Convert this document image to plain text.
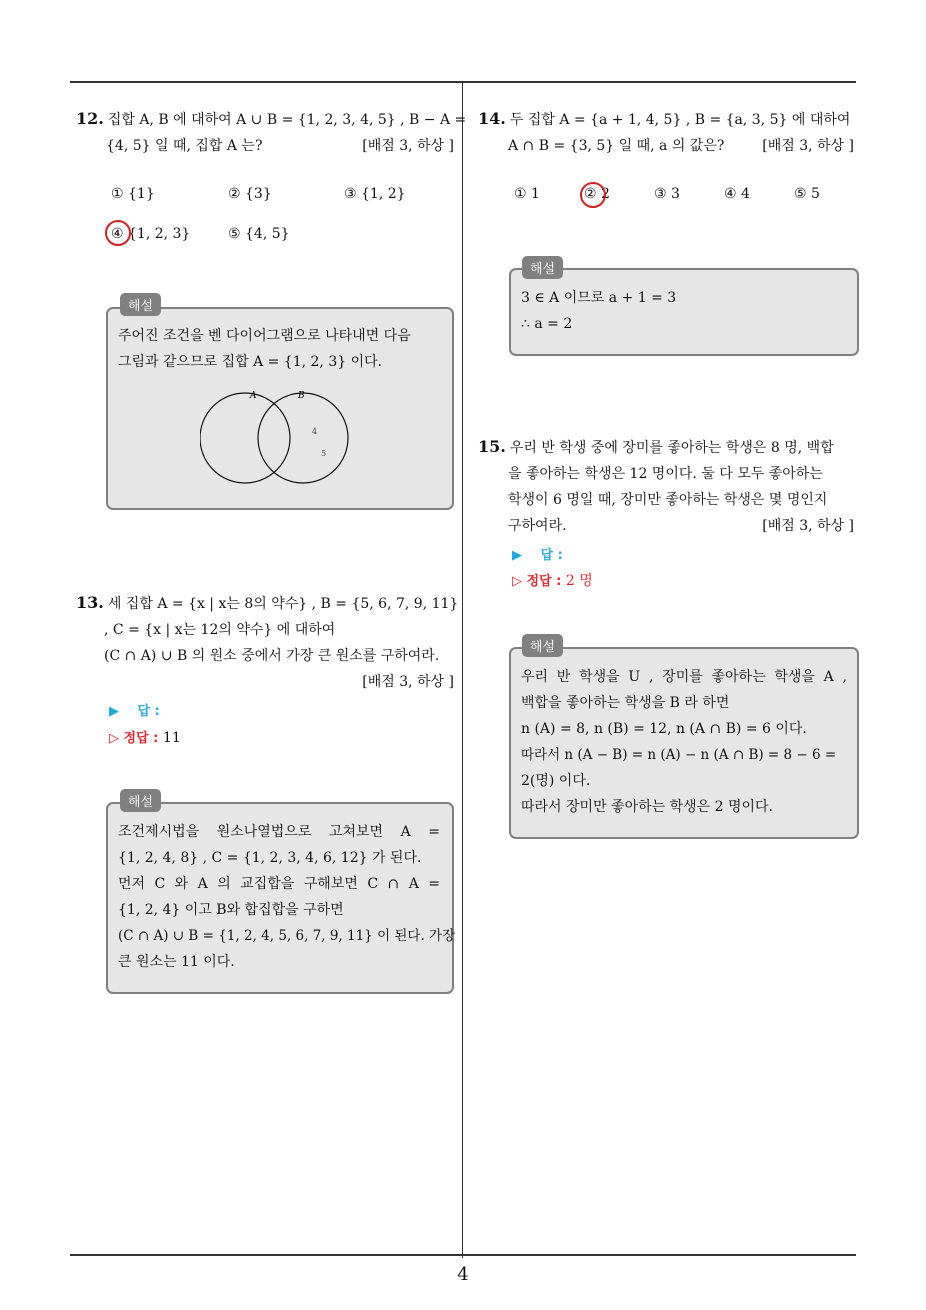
12. 집합 A, B 에 대하여 A ∪ B = {1, 2, 3, 4, 5} , B − A =
{4, 5} 일 때, 집합 A 는?	[배점 3, 하상 ]
① {1}	② {3}	③ {1, 2}
④ {1, 2, 3}	⑤ {4, 5}
해설
주어진 조건을 벤 다이어그램으로 나타내면 다음
그림과 같으므로 집합 A = {1, 2, 3} 이다.
A	B
4
5
13. 세 집합 A = {x | x는 8의 약수} , B = {5, 6, 7, 9, 11}
, C = {x | x는 12의 약수} 에 대하여
(C ∩ A) ∪ B 의 원소 중에서 가장 큰 원소를 구하여라.
[배점 3, 하상 ]
▶ 답 :
▷ 정답 : 11
해설
조건제시법을 원소나열법으로 고쳐보면 A =
{1, 2, 4, 8} , C = {1, 2, 3, 4, 6, 12} 가 된다.
먼저 C 와 A 의 교집합을 구해보면 C ∩ A =
{1, 2, 4} 이고 B와 합집합을 구하면
(C ∩ A) ∪ B = {1, 2, 4, 5, 6, 7, 9, 11} 이 된다. 가장
큰 원소는 11 이다.
14. 두 집합 A = {a + 1, 4, 5} , B = {a, 3, 5} 에 대하여
A ∩ B = {3, 5} 일 때, a 의 값은?	[배점 3, 하상 ]
① 1	② 2	③ 3	④ 4	⑤ 5
해설
3 ∈ A 이므로 a + 1 = 3
∴ a = 2
15. 우리 반 학생 중에 장미를 좋아하는 학생은 8 명, 백합
을 좋아하는 학생은 12 명이다. 둘 다 모두 좋아하는
학생이 6 명일 때, 장미만 좋아하는 학생은 몇 명인지
구하여라.	[배점 3, 하상 ]
▶ 답 :
▷ 정답 : 2 명
해설
우리 반 학생을 U , 장미를 좋아하는 학생을 A ,
백합을 좋아하는 학생을 B 라 하면
n (A) = 8, n (B) = 12, n (A ∩ B) = 6 이다.
따라서 n (A − B) = n (A) − n (A ∩ B) = 8 − 6 =
2(명) 이다.
따라서 장미만 좋아하는 학생은 2 명이다.
4
